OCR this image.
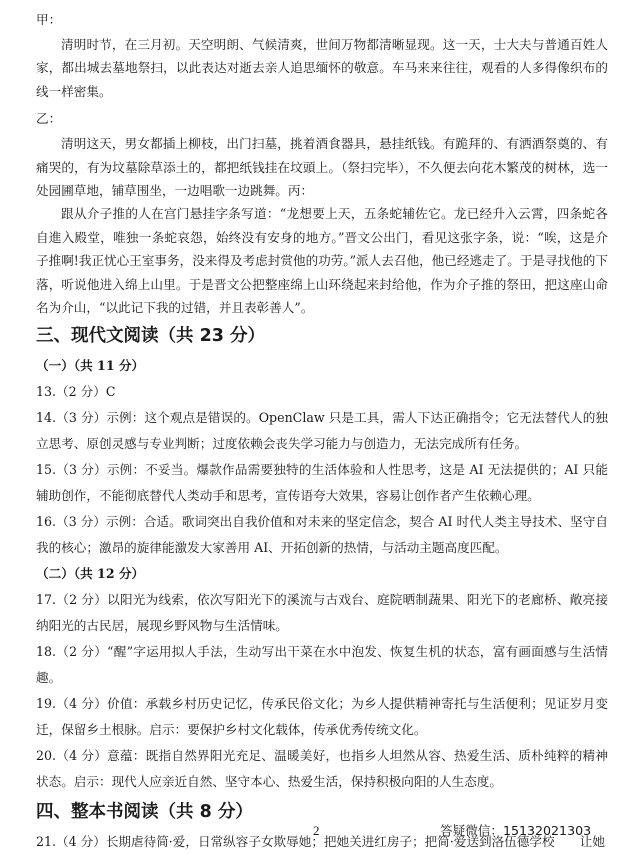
甲：

清明时节，在三月初。天空明朗、气候清爽，世间万物都清晰显现。这一天，士大夫与普通百姓人家，都出城去墓地祭扫，以此表达对逝去亲人追思缅怀的敬意。车马来来往往，观看的人多得像织布的线一样密集。

乙：

清明这天，男女都插上柳枝，出门扫墓，挑着酒食器具，悬挂纸钱。有跪拜的、有洒酒祭奠的、有痛哭的，有为坟墓除草添土的，都把纸钱挂在坟頭上。（祭扫完毕），不久便去向花木繁茂的树林，选一处园圃草地，铺草围坐，一边唱歌一边跳舞。丙：

跟从介子推的人在宫门悬挂字条写道：“龙想要上天，五条蛇辅佐它。龙已经升入云霄，四条蛇各自進入殿堂，唯独一条蛇哀怨，始终没有安身的地方。”晋文公出门，看见这张字条，说：“唉，这是介子推啊!我正忧心王室事务，没来得及考虑封赏他的功劳。”派人去召他，他已经逃走了。于是寻找他的下落，听说他进入绵上山里。于是晋文公把整座绵上山环绕起来封给他，作为介子推的祭田，把这座山命名为介山，“以此记下我的过错，并且表彰善人”。

三、现代文阅读（共 23 分）

（一）（共 11 分）

13.（2 分）C

14.（3 分）示例：这个观点是错误的。OpenClaw 只是工具，需人下达正确指令；它无法替代人的独立思考、原创灵感与专业判断；过度依赖会丧失学习能力与创造力，无法完成所有任务。

15.（3 分）示例：不妥当。爆款作品需要独特的生活体验和人性思考，这是 AI 无法提供的；AI 只能辅助创作，不能彻底替代人类动手和思考，宣传语夸大效果，容易让创作者产生依赖心理。

16.（3 分）示例：合适。歌词突出自我价值和对未来的坚定信念，契合 AI 时代人类主导技术、坚守自我的核心；激昂的旋律能激发大家善用 AI、开拓创新的热情，与活动主题高度匹配。

（二）（共 12 分）

17.（2 分）以阳光为线索，依次写阳光下的溪流与古戏台、庭院晒制蔬果、阳光下的老廊桥、敞亮接纳阳光的古民居，展现乡野风物与生活情味。

18.（2 分）“醒”字运用拟人手法，生动写出干菜在水中泡发、恢复生机的状态，富有画面感与生活情趣。

19.（4 分）价值：承载乡村历史记忆，传承民俗文化；为乡人提供精神寄托与生活便利；见证岁月变迁，保留乡土根脉。启示：要保护乡村文化载体，传承优秀传统文化。

20.（4 分）意蕴：既指自然界阳光充足、温暖美好，也指乡人坦然从容、热爱生活、质朴纯粹的精神状态。启示：现代人应亲近自然、坚守本心、热爱生活，保持积极向阳的人生态度。

四、整本书阅读（共 8 分）

21.（4 分）长期虐待简·爱，日常纵容子女欺辱她；把她关进红房子；把简·爱送到洛伍德学校　　让她

2	答疑微信：15132021303
